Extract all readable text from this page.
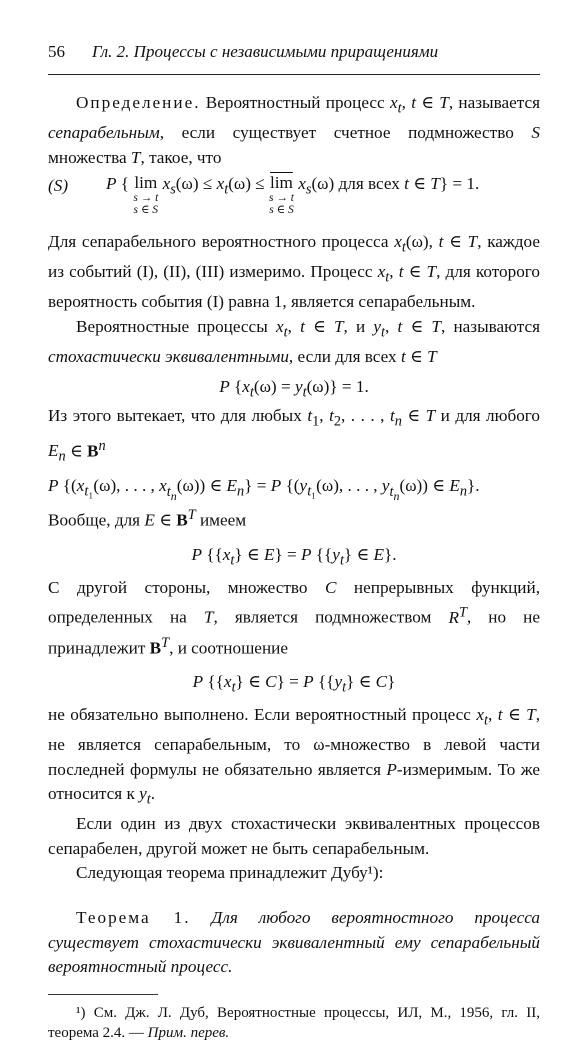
56	Гл. 2. Процессы с независимыми приращениями

Определение. Вероятностный процесс $x_t$, t ∈ T, называется сепарабельным, если существует счетное подмножество S множества T, такое, что

(S)	P { lim
s → t
s ∈ S
$x_s(\omega) \le x_t(\omega) \le \overline{lim}$
s → t
s ∈ S
$x_s(\omega)$ для всех t ∈ T} = 1.

Для сепарабельного вероятностного процесса $x_t(\omega)$, t ∈ T, каждое из событий (I), (II), (III) измеримо. Процесс $x_t$, t ∈ T, для которого вероятность события (I) равна 1, является сепарабельным.

Вероятностные процессы $x_t$, t ∈ T, и $y_t$, t ∈ T, называются стохастически эквивалентными, если для всех t ∈ T

P $\{x_t(\omega) = y_t(\omega)\} = 1$.

Из этого вытекает, что для любых $t_1$, $t_2$, . . . , $t_n$ ∈ T и для любого $E_n$ ∈ $B^n$

P {($x_{t_1}(\omega)$, . . . , $x_{t_n}(\omega)$) ∈ $E_n\} = P$ {($y_{t_1}(\omega)$, . . . , $y_{t_n}(\omega)$) ∈ $E_n$}.

Вообще, для E ∈ $B^T$ имеем

P {$\{x_t\}$ ∈ E} = P {$\{y_t\}$ ∈ E}.

С другой стороны, множество C непрерывных функций, определенных на T, является подмножеством $R^T$, но не принадлежит $B^T$, и соотношение

P {$\{x_t\}$ ∈ C} = P {$\{y_t\}$ ∈ C}

не обязательно выполнено. Если вероятностный процесс $x_t$, t ∈ T, не является сепарабельным, то ω-множество в левой части последней формулы не обязательно является P-измеримым. То же относится к $y_t$.

Если один из двух стохастически эквивалентных процессов сепарабелен, другой может не быть сепарабельным.

Следующая теорема принадлежит Дубу¹):

Теорема 1. Для любого вероятностного процесса существует стохастически эквивалентный ему сепарабельный вероятностный процесс.

¹) См. Дж. Л. Дуб, Вероятностные процессы, ИЛ, М., 1956, гл. II, теорема 2.4. — Прим. перев.
